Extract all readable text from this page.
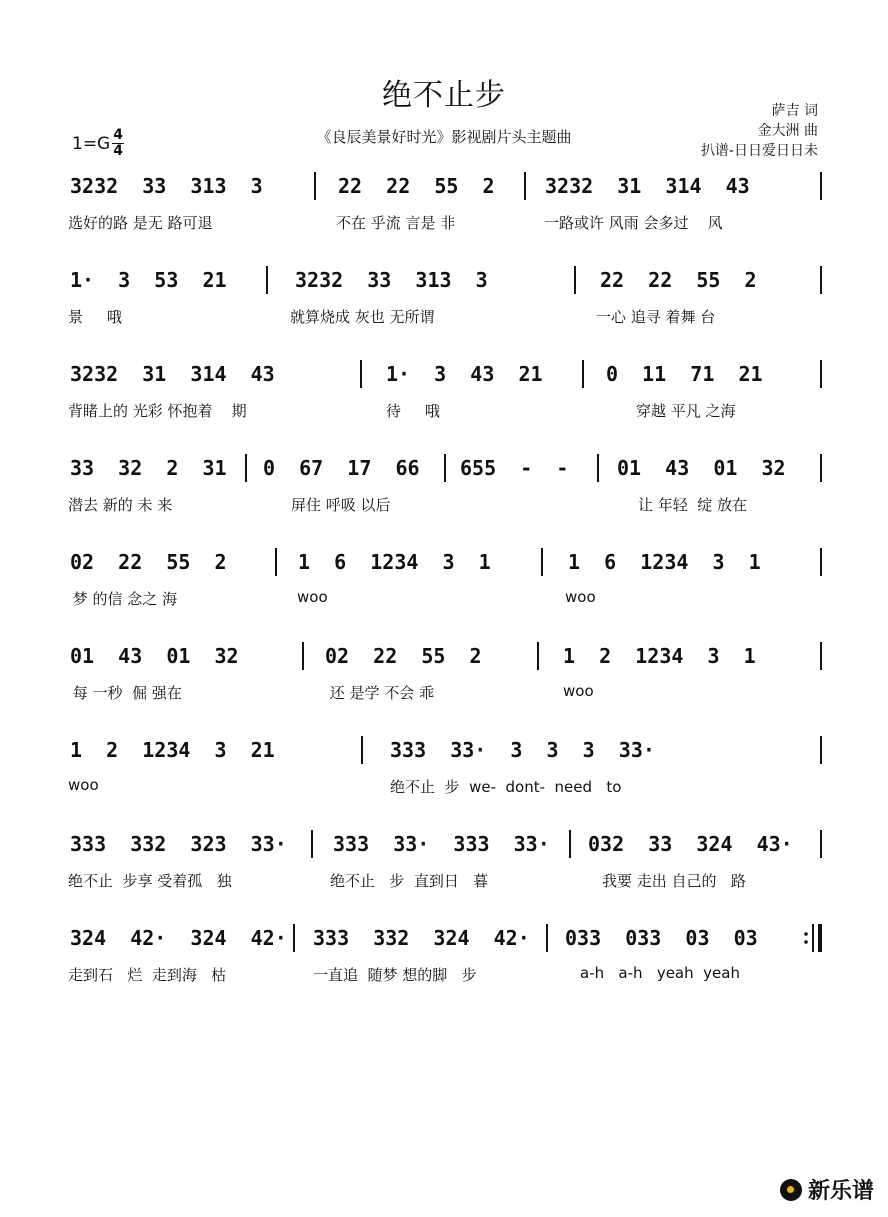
绝不止步
《良辰美景好时光》影视剧片头主题曲
$1=G \frac{4}{4}$
萨吉 词
金大洲 曲
扒谱-日日爱日日未
3232  33  313  3	22  22  55  2	3232  31  314  43
选好的路 是无 路可退	不在 乎流 言是 非	一路或许 风雨 会多过    风
1·  3  53  21	3232  33  313  3	22  22  55  2
景     哦	就算烧成 灰也 无所谓	一心 追寻 着舞 台
3232  31  314  43	1·  3  43  21	0  11  71  21
背睹上的 光彩 怀抱着    期	待     哦	穿越 平凡 之海
33  32  2  31 0  67  17  66 655  -  - 01  43  01  32
潜去 新的 未 来	屏住 呼吸 以后	让 年轻  绽 放在
02  22  55  2	1  6  1234  3  1	1  6  1234  3  1
梦 的信 念之 海	woo	woo
01  43  01  32	02  22  55  2	1  2  1234  3  1
每 一秒  倔 强在	还 是学 不会 乖	woo
1  2  1234  3  21	333  33·  3  3  3  33·
woo	绝不止  步  we-  dont-  need   to
333  332  323  33· 333  33·  333  33· 032  33  324  43·
绝不止  步享 受着孤   独	绝不止   步  直到日   暮	我要 走出 自己的   路
324  42·  324  42· 333  332  324  42· 033  033  03  03
走到石   烂  走到海   枯	一直追  随梦 想的脚   步	a-h   a-h   yeah  yeah
新乐谱
